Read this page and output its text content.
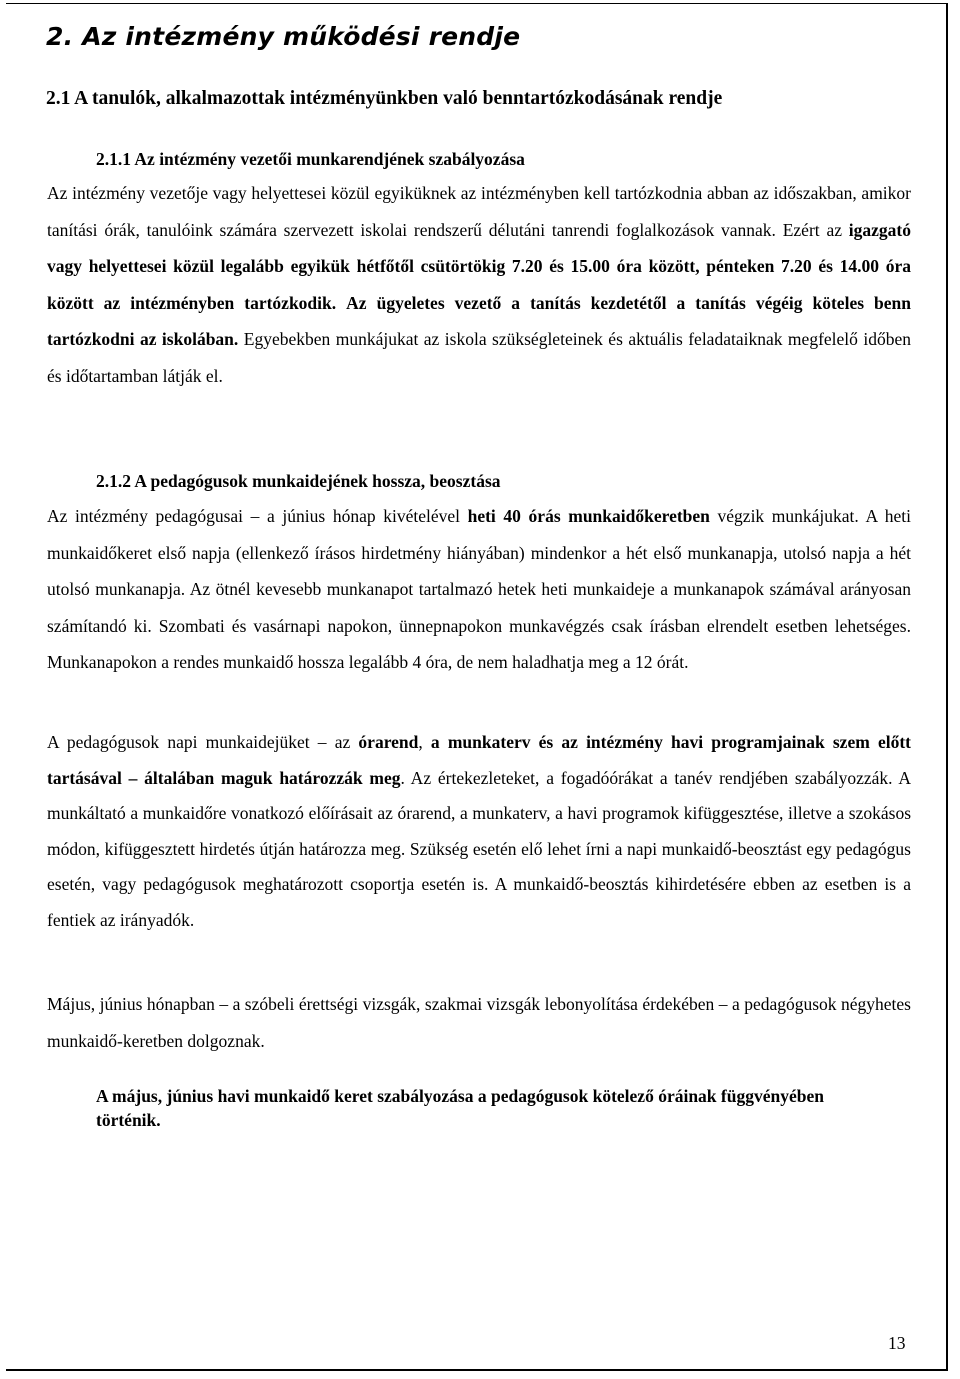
2. Az intézmény működési rendje
2.1 A tanulók, alkalmazottak intézményünkben való benntartózkodásának rendje
2.1.1 Az intézmény vezetői munkarendjének szabályozása
Az intézmény vezetője vagy helyettesei közül egyiküknek az intézményben kell tartózkodnia abban az időszakban, amikor tanítási órák, tanulóink számára szervezett iskolai rendszerű délutáni tanrendi foglalkozások vannak. Ezért az igazgató vagy helyettesei közül legalább egyikük hétfőtől csütörtökig 7.20 és 15.00 óra között, pénteken 7.20 és 14.00 óra között az intézményben tartózkodik. Az ügyeletes vezető a tanítás kezdetétől a tanítás végéig köteles benn tartózkodni az iskolában. Egyebekben munkájukat az iskola szükségleteinek és aktuális feladataiknak megfelelő időben és időtartamban látják el.
2.1.2 A pedagógusok munkaidejének hossza, beosztása
Az intézmény pedagógusai – a június hónap kivételével heti 40 órás munkaidőkeretben végzik munkájukat. A heti munkaidőkeret első napja (ellenkező írásos hirdetmény hiányában) mindenkor a hét első munkanapja, utolsó napja a hét utolsó munkanapja. Az ötnél kevesebb munkanapot tartalmazó hetek heti munkaideje a munkanapok számával arányosan számítandó ki. Szombati és vasárnapi napokon, ünnepnapokon munkavégzés csak írásban elrendelt esetben lehetséges. Munkanapokon a rendes munkaidő hossza legalább 4 óra, de nem haladhatja meg a 12 órát.
A pedagógusok napi munkaidejüket – az órarend, a munkaterv és az intézmény havi programjainak szem előtt tartásával – általában maguk határozzák meg. Az értekezleteket, a fogadóórákat a tanév rendjében szabályozzák. A munkáltató a munkaidőre vonatkozó előírásait az órarend, a munkaterv, a havi programok kifüggesztése, illetve a szokásos módon, kifüggesztett hirdetés útján határozza meg. Szükség esetén elő lehet írni a napi munkaidő-beosztást egy pedagógus esetén, vagy pedagógusok meghatározott csoportja esetén is. A munkaidő-beosztás kihirdetésére ebben az esetben is a fentiek az irányadók.
Május, június hónapban – a szóbeli érettségi vizsgák, szakmai vizsgák lebonyolítása érdekében – a pedagógusok négyhetes munkaidő-keretben dolgoznak.
A május, június havi munkaidő keret szabályozása a pedagógusok kötelező óráinak függvényében
történik.
13
